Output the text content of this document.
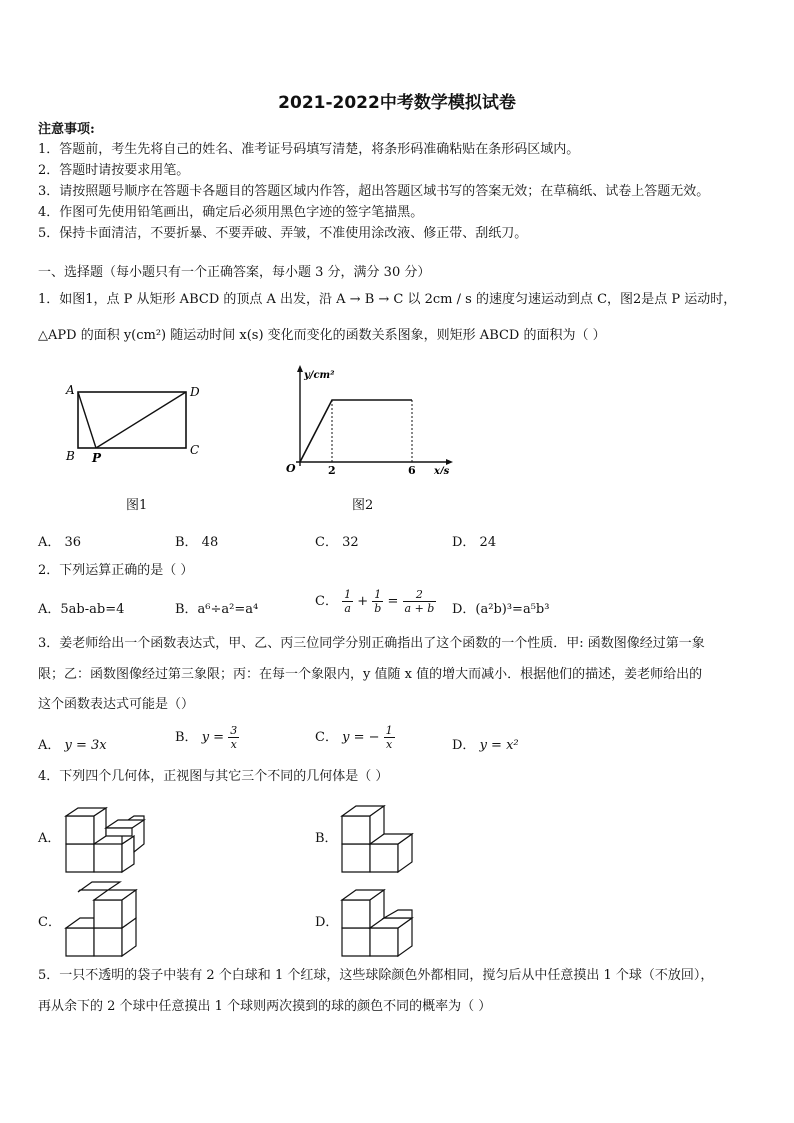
2021-2022中考数学模拟试卷
注意事项:
1．答题前，考生先将自己的姓名、准考证号码填写清楚，将条形码准确粘贴在条形码区域内。
2．答题时请按要求用笔。
3．请按照题号顺序在答题卡各题目的答题区域内作答，超出答题区域书写的答案无效；在草稿纸、试卷上答题无效。
4．作图可先使用铅笔画出，确定后必须用黑色字迹的签字笔描黑。
5．保持卡面清洁，不要折暴、不要弄破、弄皱，不准使用涂改液、修正带、刮纸刀。
一、选择题（每小题只有一个正确答案，每小题 3 分，满分 30 分）
1．如图1，点 P 从矩形 ABCD 的顶点 A 出发，沿 A → B → C 以 2cm / s 的速度匀速运动到点 C，图2是点 P 运动时，
△APD 的面积 y(cm²) 随运动时间 x(s) 变化而变化的函数关系图象，则矩形 ABCD 的面积为（ ）
A	D
B P
C
图1
y/cm²
O	2	6 x/s
图2
A． 36	B． 48	C． 32	D． 24
2．下列运算正确的是（ ）
A．5ab-ab=4	B．a⁶÷a²=a⁴
C． $\frac{1}{a} + \frac{1}{b} = \frac{2}{a + b}$ D．(a²b)³=a⁵b³
3．姜老师给出一个函数表达式，甲、乙、丙三位同学分别正确指出了这个函数的一个性质．甲: 函数图像经过第一象
限；乙：函数图像经过第三象限；丙：在每一个象限内，y 值随 x 值的增大而减小．根据他们的描述，姜老师给出的
这个函数表达式可能是（）
A． y = 3x
B． $y = \frac{3}{x}$	C． y = − $\frac{1}{x}$	D． y = x²
4．下列四个几何体，正视图与其它三个不同的几何体是（ ）
A．	B．
C．	D．
5．一只不透明的袋子中装有 2 个白球和 1 个红球，这些球除颜色外都相同，搅匀后从中任意摸出 1 个球（不放回），
再从余下的 2 个球中任意摸出 1 个球则两次摸到的球的颜色不同的概率为（ ）
